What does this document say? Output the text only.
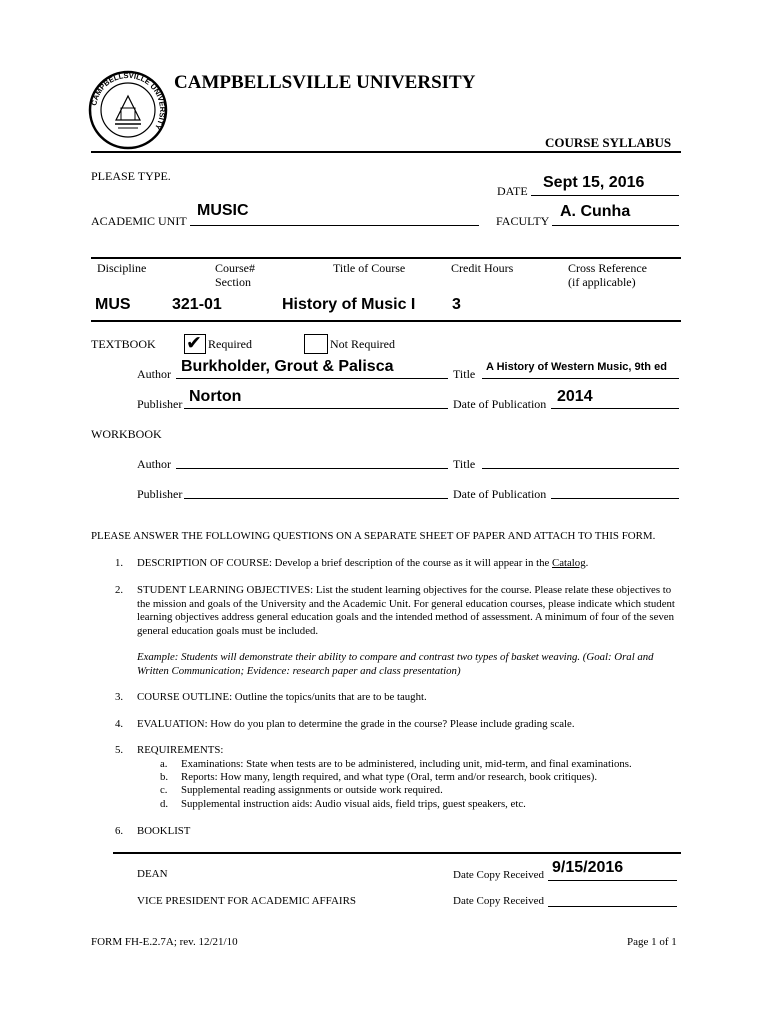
CAMPBELLSVILLE UNIVERSITY
CAMPBELLSVILLE UNIVERSITY
COURSE SYLLABUS
PLEASE TYPE.
DATE Sept 15, 2016
ACADEMIC UNIT
MUSIC
FACULTY
A. Cunha
Discipline	Course#
Section
Title of Course	Credit Hours	Cross Reference
(if applicable)
MUS	321-01	History of Music I 3
TEXTBOOK ✔ Required	Not Required
Author Burkholder, Grout & Palisca	Title A History of Western Music, 9th ed
Publisher Norton	Date of Publication 2014
WORKBOOK
Author	Title
Publisher	Date of Publication
PLEASE ANSWER THE FOLLOWING QUESTIONS ON A SEPARATE SHEET OF PAPER AND ATTACH TO THIS FORM.
1. DESCRIPTION OF COURSE: Develop a brief description of the course as it will appear in the Catalog.
2. STUDENT LEARNING OBJECTIVES: List the student learning objectives for the course. Please relate these objectives to the mission and goals of the University and the Academic Unit. For general education courses, please indicate which student learning objectives address general education goals and the intended method of assessment. A minimum of four of the seven general education goals must be included.
Example: Students will demonstrate their ability to compare and contrast two types of basket weaving. (Goal: Oral and Written Communication; Evidence: research paper and class presentation)
3. COURSE OUTLINE: Outline the topics/units that are to be taught.
4. EVALUATION: How do you plan to determine the grade in the course? Please include grading scale.
5. REQUIREMENTS:
a. Examinations: State when tests are to be administered, including unit, mid-term, and final examinations.
b. Reports: How many, length required, and what type (Oral, term and/or research, book critiques).
c. Supplemental reading assignments or outside work required.
d. Supplemental instruction aids: Audio visual aids, field trips, guest speakers, etc.
6. BOOKLIST
DEAN	Date Copy Received 9/15/2016
VICE PRESIDENT FOR ACADEMIC AFFAIRS	Date Copy Received
FORM FH-E.2.7A; rev. 12/21/10	Page 1 of 1
